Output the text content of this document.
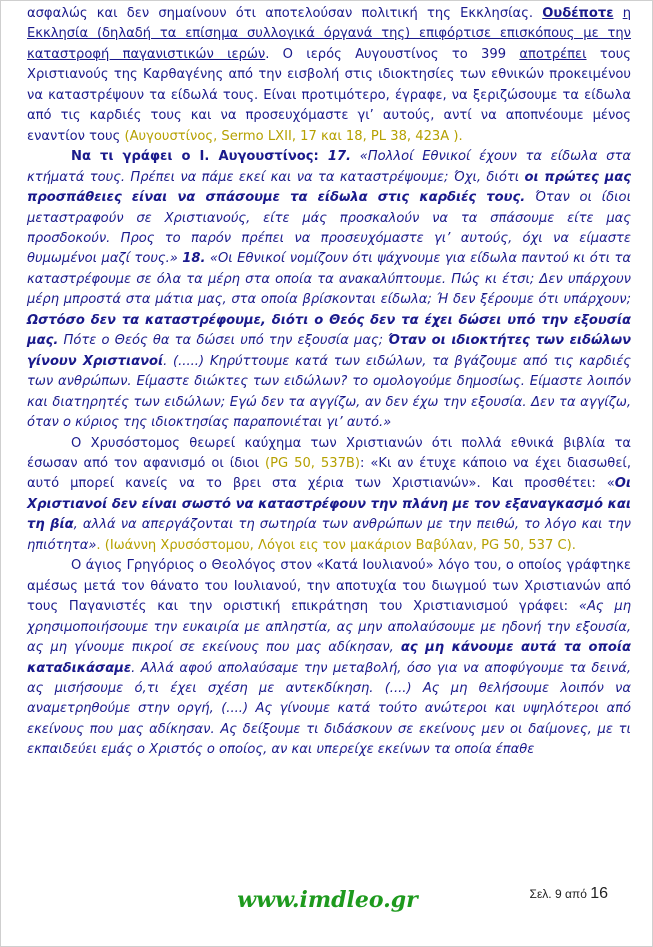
ασφαλώς και δεν σημαίνουν ότι αποτελούσαν πολιτική της Εκκλησίας. Ουδέποτε η Εκκλησία (δηλαδή τα επίσημα συλλογικά όργανά της) επιφόρτισε επισκόπους με την καταστροφή παγανιστικών ιερών. Ο ιερός Αυγουστίνος το 399 αποτρέπει τους Χριστιανούς της Καρθαγένης από την εισβολή στις ιδιοκτησίες των εθνικών προκειμένου να καταστρέψουν τα είδωλά τους. Είναι προτιμότερο, έγραφε, να ξεριζώσουμε τα είδωλα από τις καρδιές τους και να προσευχόμαστε γι’ αυτούς, αντί να αποπνέουμε μένος εναντίον τους (Αυγουστίνος, Sermo LXII, 17 και 18, PL 38, 423A ).

Να τι γράφει ο Ι. Αυγουστίνος: 17. «Πολλοί Εθνικοί έχουν τα είδωλα στα κτήματά τους. Πρέπει να πάμε εκεί και να τα καταστρέψουμε; Όχι, διότι οι πρώτες μας προσπάθειες είναι να σπάσουμε τα είδωλα στις καρδιές τους. Όταν οι ίδιοι μεταστραφούν σε Χριστιανούς, είτε μάς προσκαλούν να τα σπάσουμε είτε μας προσδοκούν. Προς το παρόν πρέπει να προσευχόμαστε γι’ αυτούς, όχι να είμαστε θυμωμένοι μαζί τους.» 18. «Οι Εθνικοί νομίζουν ότι ψάχνουμε για είδωλα παντού κι ότι τα καταστρέφουμε σε όλα τα μέρη στα οποία τα ανακαλύπτουμε. Πώς κι έτσι; Δεν υπάρχουν μέρη μπροστά στα μάτια μας, στα οποία βρίσκονται είδωλα; Ή δεν ξέρουμε ότι υπάρχουν; Ωστόσο δεν τα καταστρέφουμε, διότι ο Θεός δεν τα έχει δώσει υπό την εξουσία μας. Πότε ο Θεός θα τα δώσει υπό την εξουσία μας; Όταν οι ιδιοκτήτες των ειδώλων γίνουν Χριστιανοί. (.....) Κηρύττουμε κατά των ειδώλων, τα βγάζουμε από τις καρδιές των ανθρώπων. Είμαστε διώκτες των ειδώλων? το ομολογούμε δημοσίως. Είμαστε λοιπόν και διατηρητές των ειδώλων; Εγώ δεν τα αγγίζω, αν δεν έχω την εξουσία. Δεν τα αγγίζω, όταν ο κύριος της ιδιοκτησίας παραπονιέται γι’ αυτό.»

Ο Χρυσόστομος θεωρεί καύχημα των Χριστιανών ότι πολλά εθνικά βιβλία τα έσωσαν από τον αφανισμό οι ίδιοι (PG 50, 537B): «Κι αν έτυχε κάποιο να έχει διασωθεί, αυτό μπορεί κανείς να το βρει στα χέρια των Χριστιανών». Και προσθέτει: «Οι Χριστιανοί δεν είναι σωστό να καταστρέφουν την πλάνη με τον εξαναγκασμό και τη βία, αλλά να απεργάζονται τη σωτηρία των ανθρώπων με την πειθώ, το λόγο και την ηπιότητα». (Ιωάννη Χρυσόστομου, Λόγοι εις τον μακάριον Βαβύλαν, PG 50, 537 C).

Ο άγιος Γρηγόριος ο Θεολόγος στον «Κατά Ιουλιανού» λόγο του, ο οποίος γράφτηκε αμέσως μετά τον θάνατο του Ιουλιανού, την αποτυχία του διωγμού των Χριστιανών από τους Παγανιστές και την οριστική επικράτηση του Χριστιανισμού γράφει: «Ας μη χρησιμοποιήσουμε την ευκαιρία με απληστία, ας μην απολαύσουμε με ηδονή την εξουσία, ας μη γίνουμε πικροί σε εκείνους που μας αδίκησαν, ας μη κάνουμε αυτά τα οποία καταδικάσαμε. Αλλά αφού απολαύσαμε την μεταβολή, όσο για να αποφύγουμε τα δεινά, ας μισήσουμε ό,τι έχει σχέση με αντεκδίκηση. (....) Ας μη θελήσουμε λοιπόν να αναμετρηθούμε στην οργή, (....) Ας γίνουμε κατά τούτο ανώτεροι και υψηλότεροι από εκείνους που μας αδίκησαν. Ας δείξουμε τι διδάσκουν σε εκείνους μεν οι δαίμονες, με τι εκπαιδεύει εμάς ο Χριστός ο οποίος, αν και υπερείχε εκείνων τα οποία έπαθε

www.imdleo.gr	Σελ. 9 από 16
